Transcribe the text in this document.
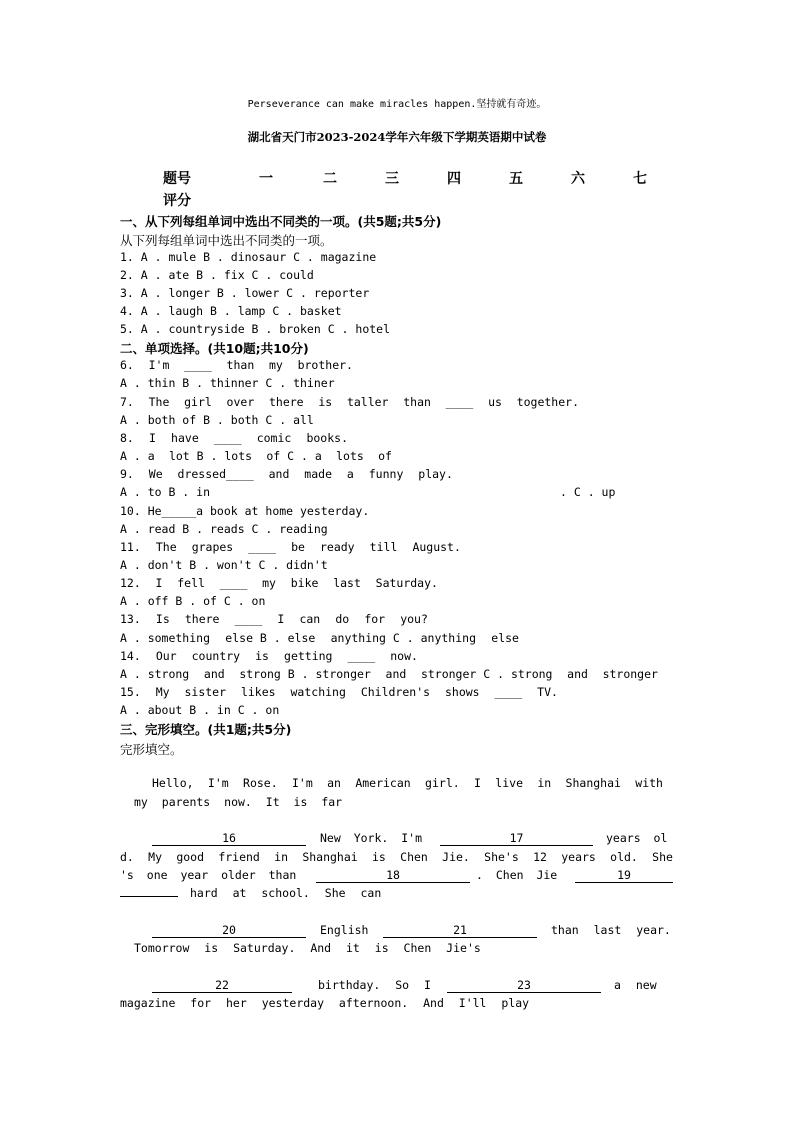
Perseverance can make miracles happen.坚持就有奇迹。
湖北省天门市2023-2024学年六年级下学期英语期中试卷
题号	一	二	三	四	五	六	七
评分
一、从下列每组单词中选出不同类的一项。(共5题;共5分)
从下列每组单词中选出不同类的一项。
1. A . mule B . dinosaur C . magazine
2. A . ate B . fix C . could
3. A . longer B . lower C . reporter
4. A . laugh B . lamp C . basket
5. A . countryside B . broken C . hotel
二、单项选择。(共10题;共10分)
6. I'm ____ than my brother.
A . thin B . thinner C . thiner
7. The girl over there is taller than ____ us together.
A . both of B . both C . all
8. I have ____ comic books.
A . a lot B . lots of C . a lots of
9. We dressed____ and made a funny play.
A . to B . in	. C . up
10. He_____a book at home yesterday.
A . read B . reads C . reading
11. The grapes ____ be ready till August.
A . don't B . won't C . didn't
12. I fell ____ my bike last Saturday.
A . off B . of C . on
13. Is there ____ I can do for you?
A . something else B . else anything C . anything else
14. Our country is getting ____ now.
A . strong and strong B . stronger and stronger C . strong and stronger
15. My sister likes watching Children's shows ____ TV.
A . about B . in C . on
三、完形填空。(共1题;共5分)
完形填空。
Hello, I'm Rose. I'm an American girl. I live in Shanghai with
my parents now. It is far
16	New York. I'm	17	years ol
d. My good friend in Shanghai is Chen Jie. She's 12 years old. She
's one year older than	18	. Chen Jie	19
hard at school. She can
20	English	21	than last year.
Tomorrow is Saturday. And it is Chen Jie's
22	birthday. So I	23	a new
magazine for her yesterday afternoon. And I'll play
